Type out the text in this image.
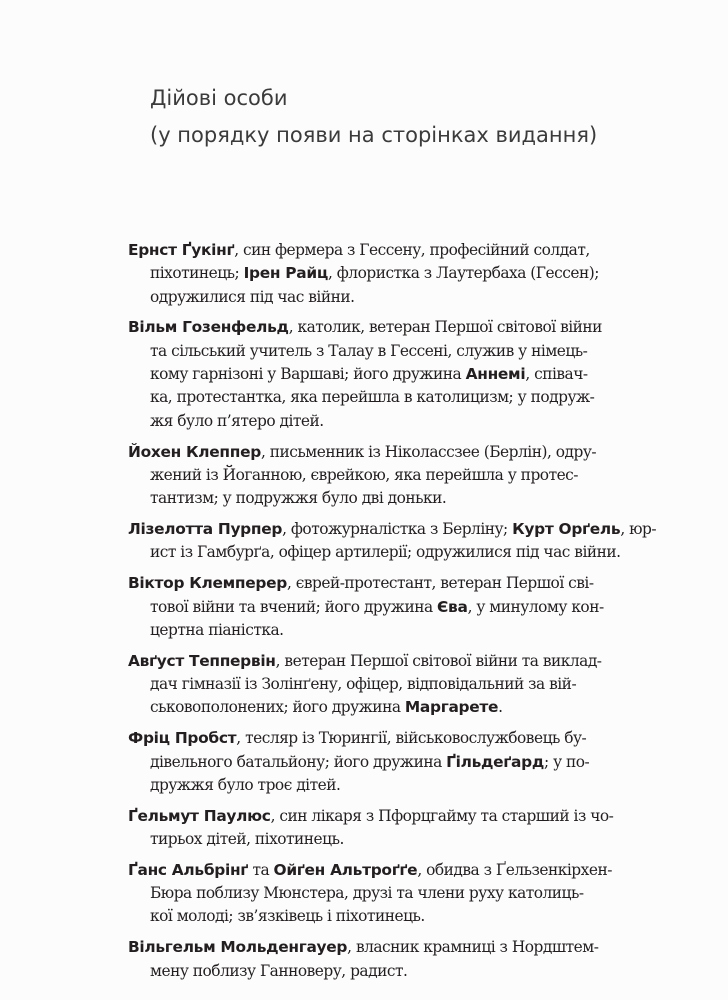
Дійові особи
(у порядку появи на сторінках видання)

Ернст Ґукінґ, син фермера з Гессену, професійний солдат,
піхотинець; Ірен Райц, флористка з Лаутербаха (Гессен);
одружилися під час війни.

Вільм Гозенфельд, католик, ветеран Першої світової війни
та сільський учитель з Талау в Гессені, служив у німець-
кому гарнізоні у Варшаві; його дружина Аннемі, співач-
ка, протестантка, яка перейшла в католицизм; у подруж-
жя було п’ятеро дітей.

Йохен Клеппер, письменник із Ніколассзее (Берлін), одру-
жений із Йоганною, єврейкою, яка перейшла у протес-
тантизм; у подружжя було дві доньки.

Лізелотта Пурпер, фотожурналістка з Берліну; Курт Орґель, юр-
ист із Гамбурґа, офіцер артилерії; одружилися під час війни.

Віктор Клемперер, єврей-протестант, ветеран Першої сві-
тової війни та вчений; його дружина Єва, у минулому кон-
цертна піаністка.

Авґуст Теппервін, ветеран Першої світової війни та виклад-
дач гімназії із Золінґену, офіцер, відповідальний за вій-
ськовополонених; його дружина Маргарете.

Фріц Пробст, тесляр із Тюрингії, військовослужбовець бу-
дівельного батальйону; його дружина Ґільдеґард; у по-
дружжя було троє дітей.

Ґельмут Паулюс, син лікаря з Пфорцгайму та старший із чо-
тирьох дітей, піхотинець.

Ґанс Альбрінґ та Ойґен Альтроґґе, обидва з Ґельзенкірхен-
Бюра поблизу Мюнстера, друзі та члени руху католиць-
кої молоді; зв’язківець і піхотинець.

Вільгельм Мольденгауер, власник крамниці з Нордштем-
мену поблизу Ганноверу, радист.
